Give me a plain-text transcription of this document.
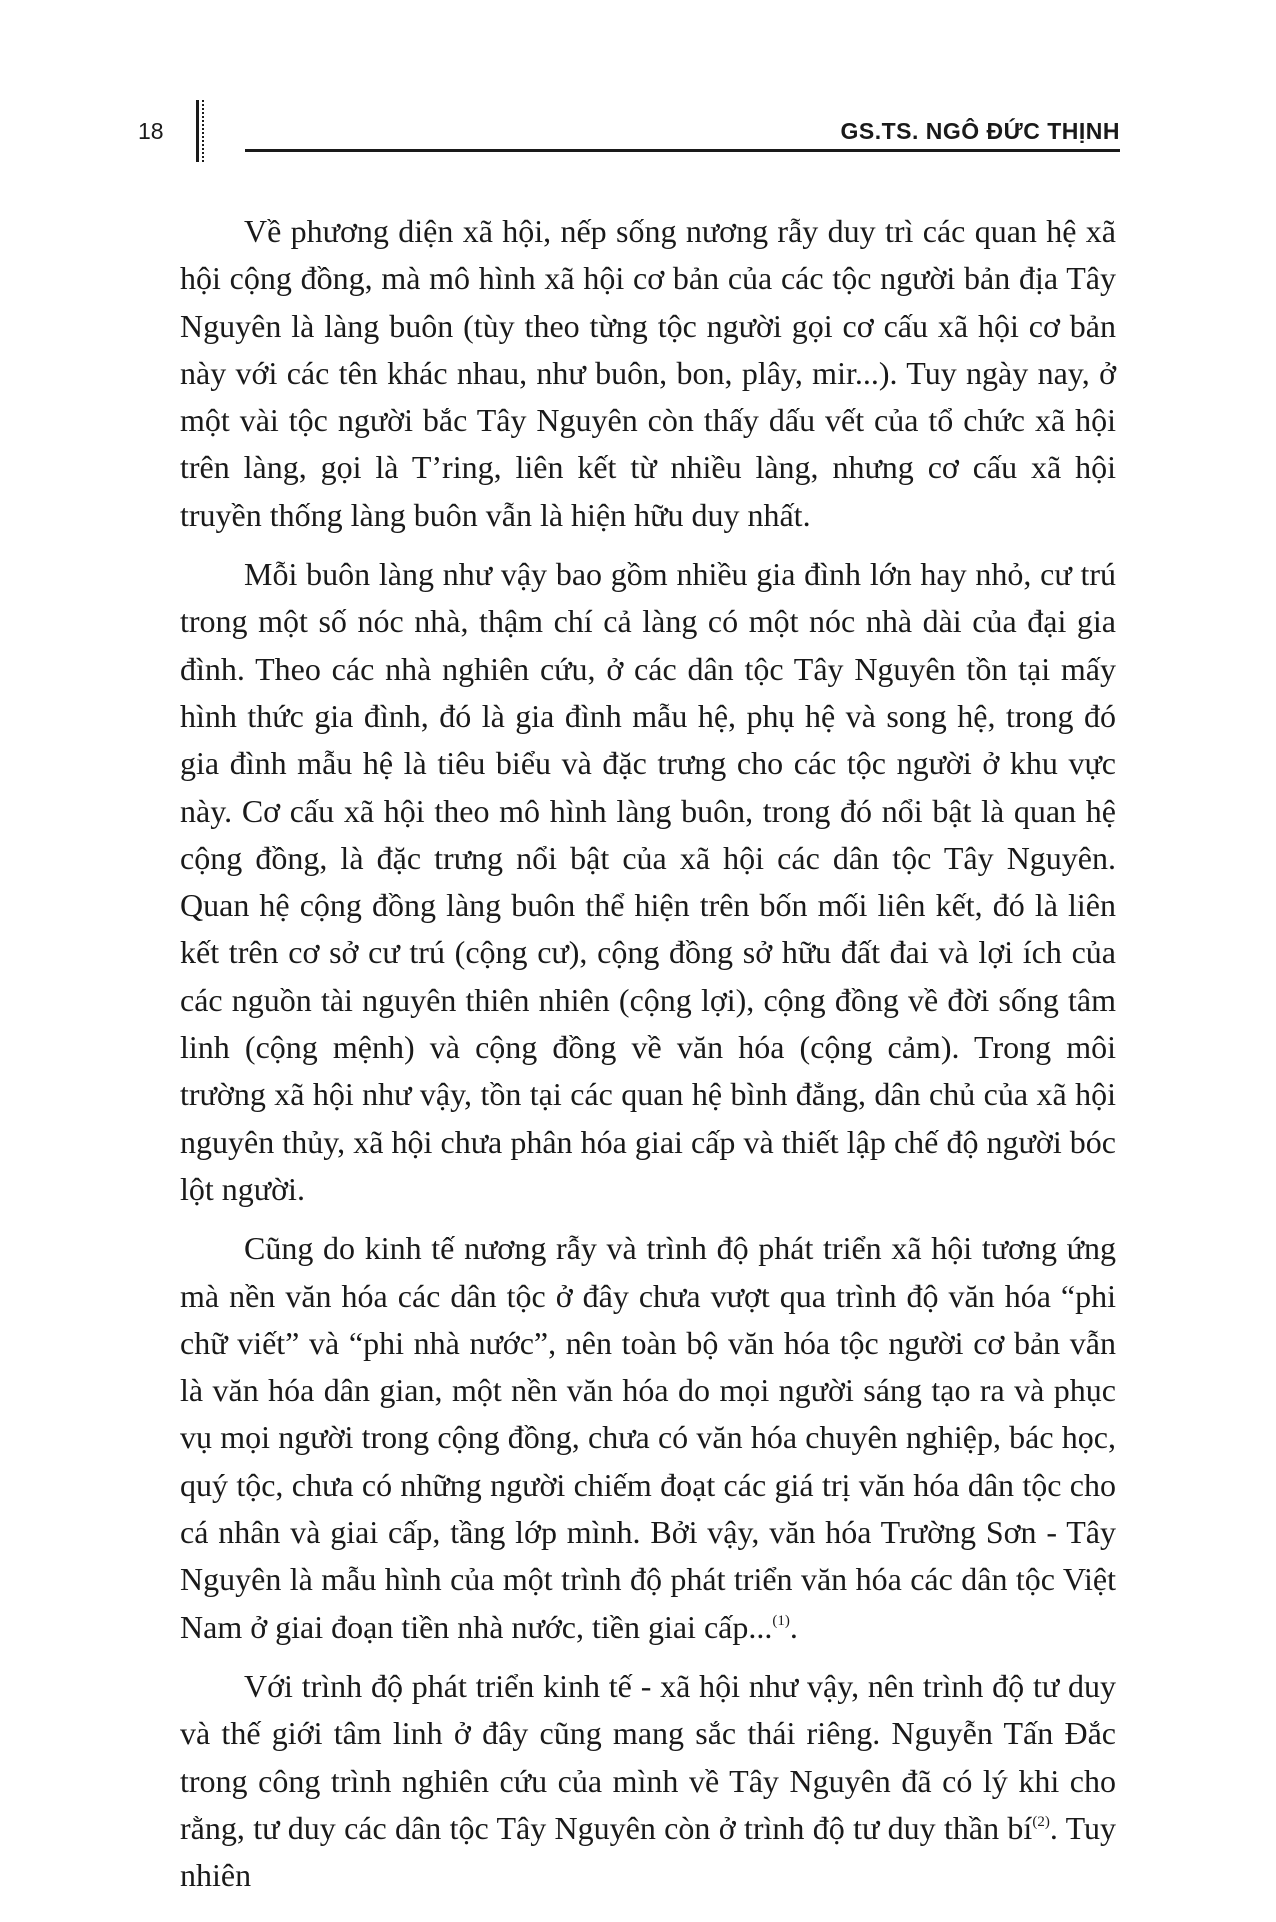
18	GS.TS. NGÔ ĐỨC THỊNH

Về phương diện xã hội, nếp sống nương rẫy duy trì các quan hệ xã hội cộng đồng, mà mô hình xã hội cơ bản của các tộc người bản địa Tây Nguyên là làng buôn (tùy theo từng tộc người gọi cơ cấu xã hội cơ bản này với các tên khác nhau, như buôn, bon, plây, mir...). Tuy ngày nay, ở một vài tộc người bắc Tây Nguyên còn thấy dấu vết của tổ chức xã hội trên làng, gọi là T’ring, liên kết từ nhiều làng, nhưng cơ cấu xã hội truyền thống làng buôn vẫn là hiện hữu duy nhất.

Mỗi buôn làng như vậy bao gồm nhiều gia đình lớn hay nhỏ, cư trú trong một số nóc nhà, thậm chí cả làng có một nóc nhà dài của đại gia đình. Theo các nhà nghiên cứu, ở các dân tộc Tây Nguyên tồn tại mấy hình thức gia đình, đó là gia đình mẫu hệ, phụ hệ và song hệ, trong đó gia đình mẫu hệ là tiêu biểu và đặc trưng cho các tộc người ở khu vực này. Cơ cấu xã hội theo mô hình làng buôn, trong đó nổi bật là quan hệ cộng đồng, là đặc trưng nổi bật của xã hội các dân tộc Tây Nguyên. Quan hệ cộng đồng làng buôn thể hiện trên bốn mối liên kết, đó là liên kết trên cơ sở cư trú (cộng cư), cộng đồng sở hữu đất đai và lợi ích của các nguồn tài nguyên thiên nhiên (cộng lợi), cộng đồng về đời sống tâm linh (cộng mệnh) và cộng đồng về văn hóa (cộng cảm). Trong môi trường xã hội như vậy, tồn tại các quan hệ bình đẳng, dân chủ của xã hội nguyên thủy, xã hội chưa phân hóa giai cấp và thiết lập chế độ người bóc lột người.

Cũng do kinh tế nương rẫy và trình độ phát triển xã hội tương ứng mà nền văn hóa các dân tộc ở đây chưa vượt qua trình độ văn hóa “phi chữ viết” và “phi nhà nước”, nên toàn bộ văn hóa tộc người cơ bản vẫn là văn hóa dân gian, một nền văn hóa do mọi người sáng tạo ra và phục vụ mọi người trong cộng đồng, chưa có văn hóa chuyên nghiệp, bác học, quý tộc, chưa có những người chiếm đoạt các giá trị văn hóa dân tộc cho cá nhân và giai cấp, tầng lớp mình. Bởi vậy, văn hóa Trường Sơn - Tây Nguyên là mẫu hình của một trình độ phát triển văn hóa các dân tộc Việt Nam ở giai đoạn tiền nhà nước, tiền giai cấp...$^{(1)}$.

Với trình độ phát triển kinh tế - xã hội như vậy, nên trình độ tư duy và thế giới tâm linh ở đây cũng mang sắc thái riêng. Nguyễn Tấn Đắc trong công trình nghiên cứu của mình về Tây Nguyên đã có lý khi cho rằng, tư duy các dân tộc Tây Nguyên còn ở trình độ tư duy thần bí$^{(2)}$. Tuy nhiên
